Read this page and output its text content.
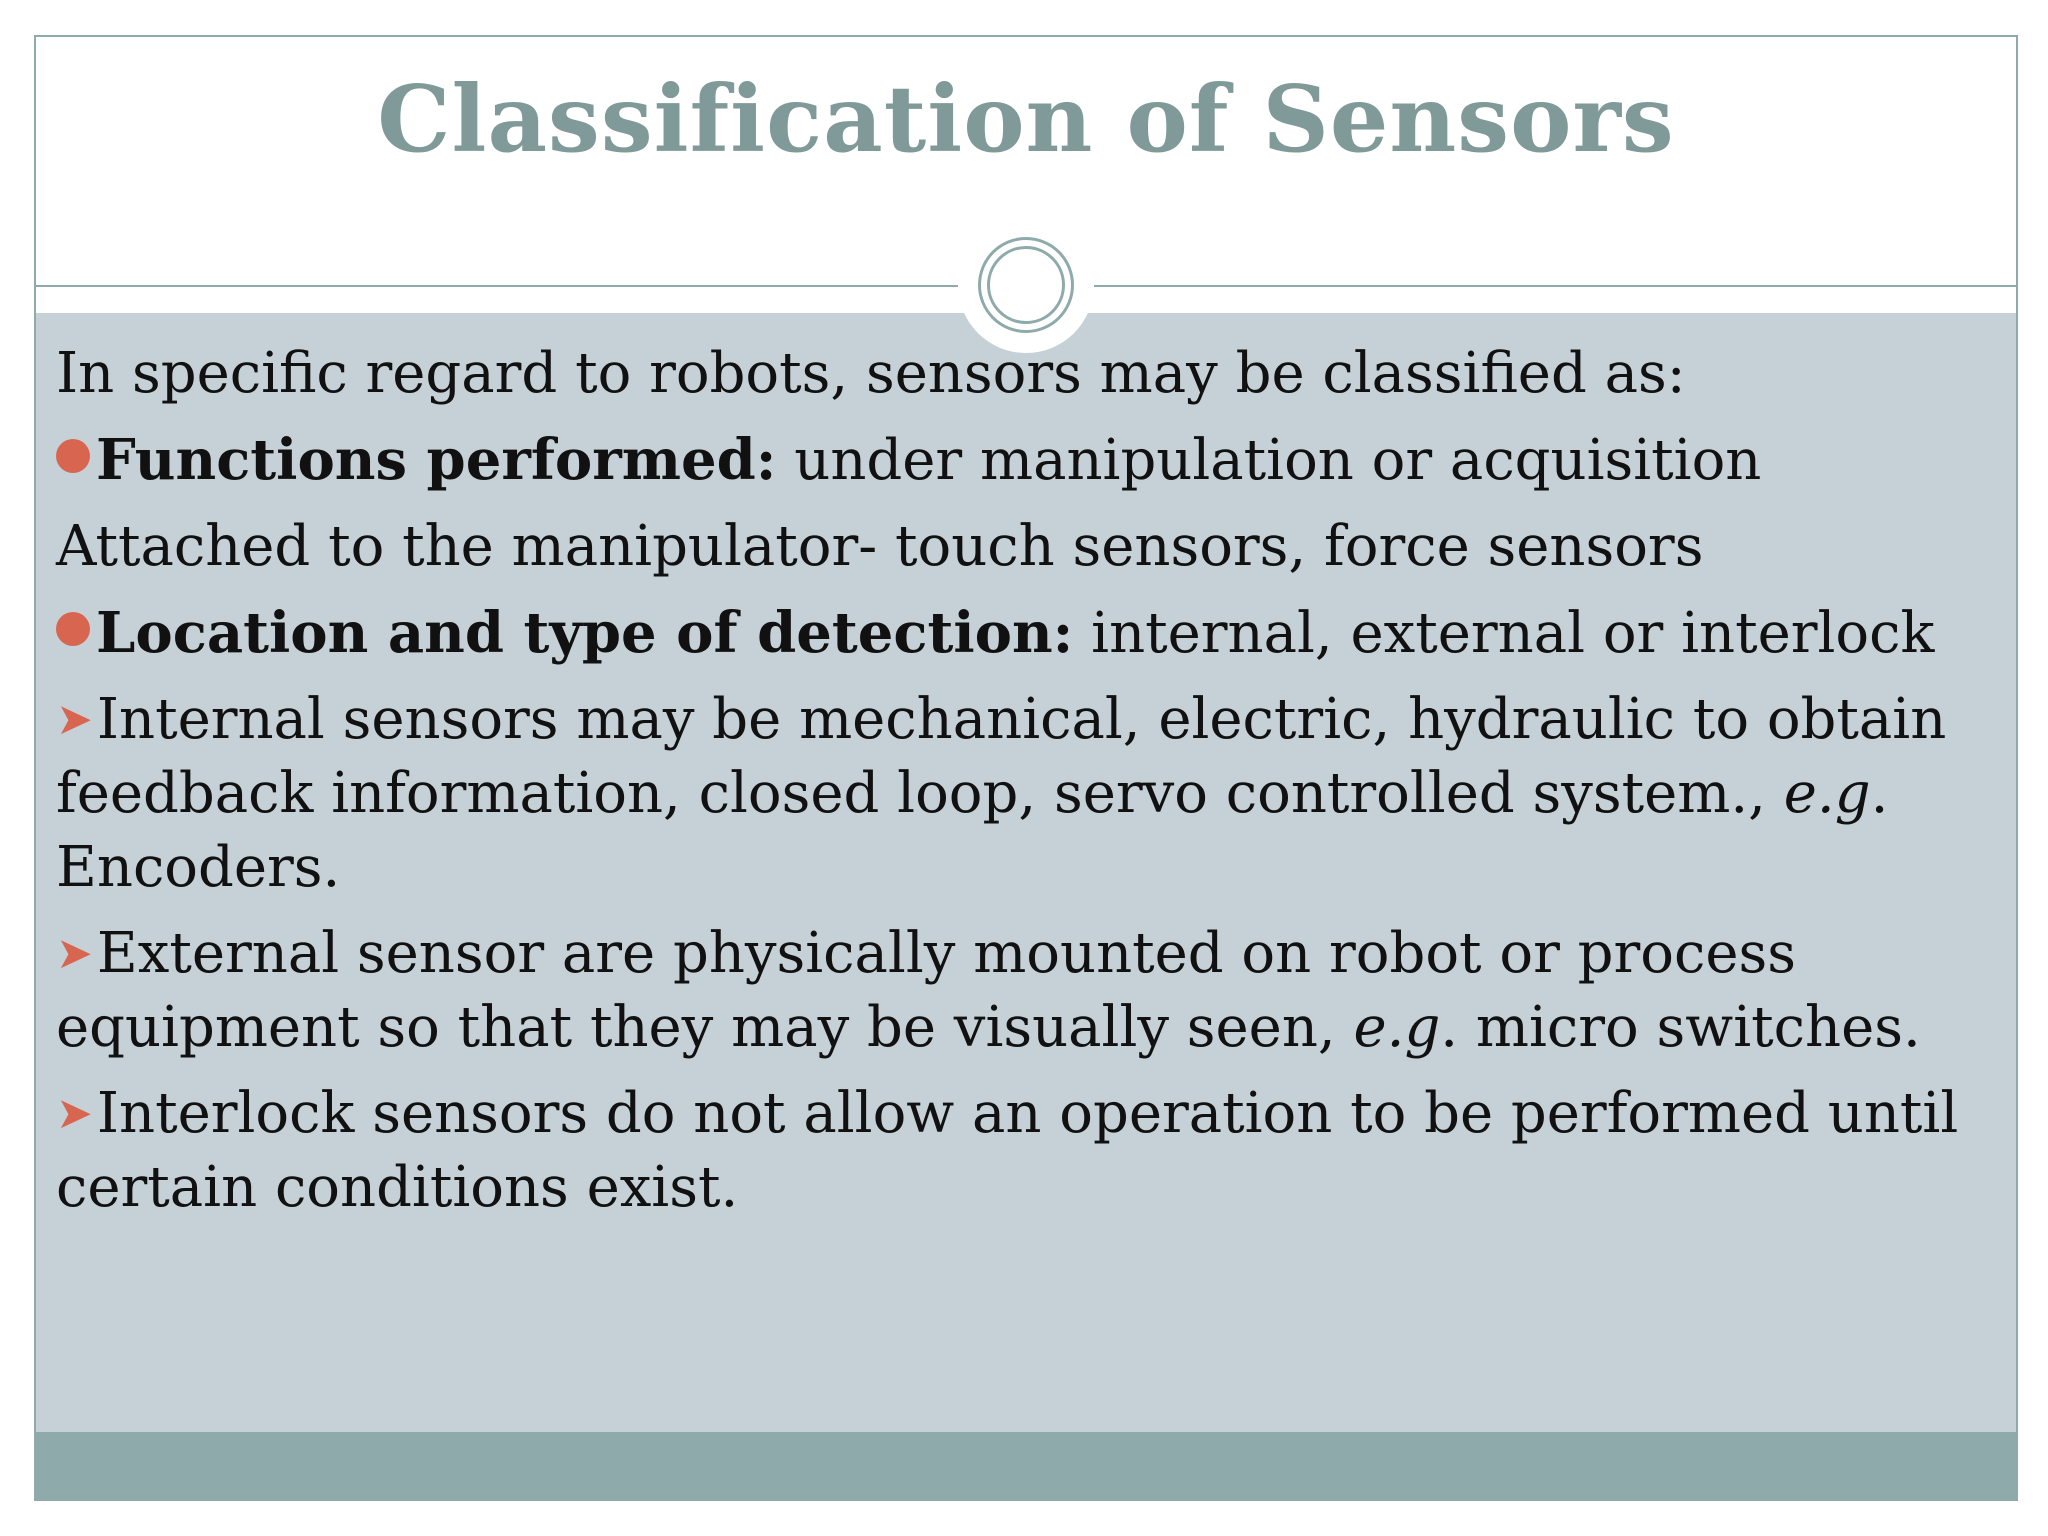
Classification of Sensors

In specific regard to robots, sensors may be classified as:

Functions performed: under manipulation or acquisition

Attached to the manipulator- touch sensors, force sensors

Location and type of detection: internal, external or interlock

➤Internal sensors may be mechanical, electric, hydraulic to obtain feedback information, closed loop, servo controlled system., e.g. Encoders.

➤External sensor are physically mounted on robot or process equipment so that they may be visually seen, e.g. micro switches.

➤Interlock sensors do not allow an operation to be performed until certain conditions exist.
